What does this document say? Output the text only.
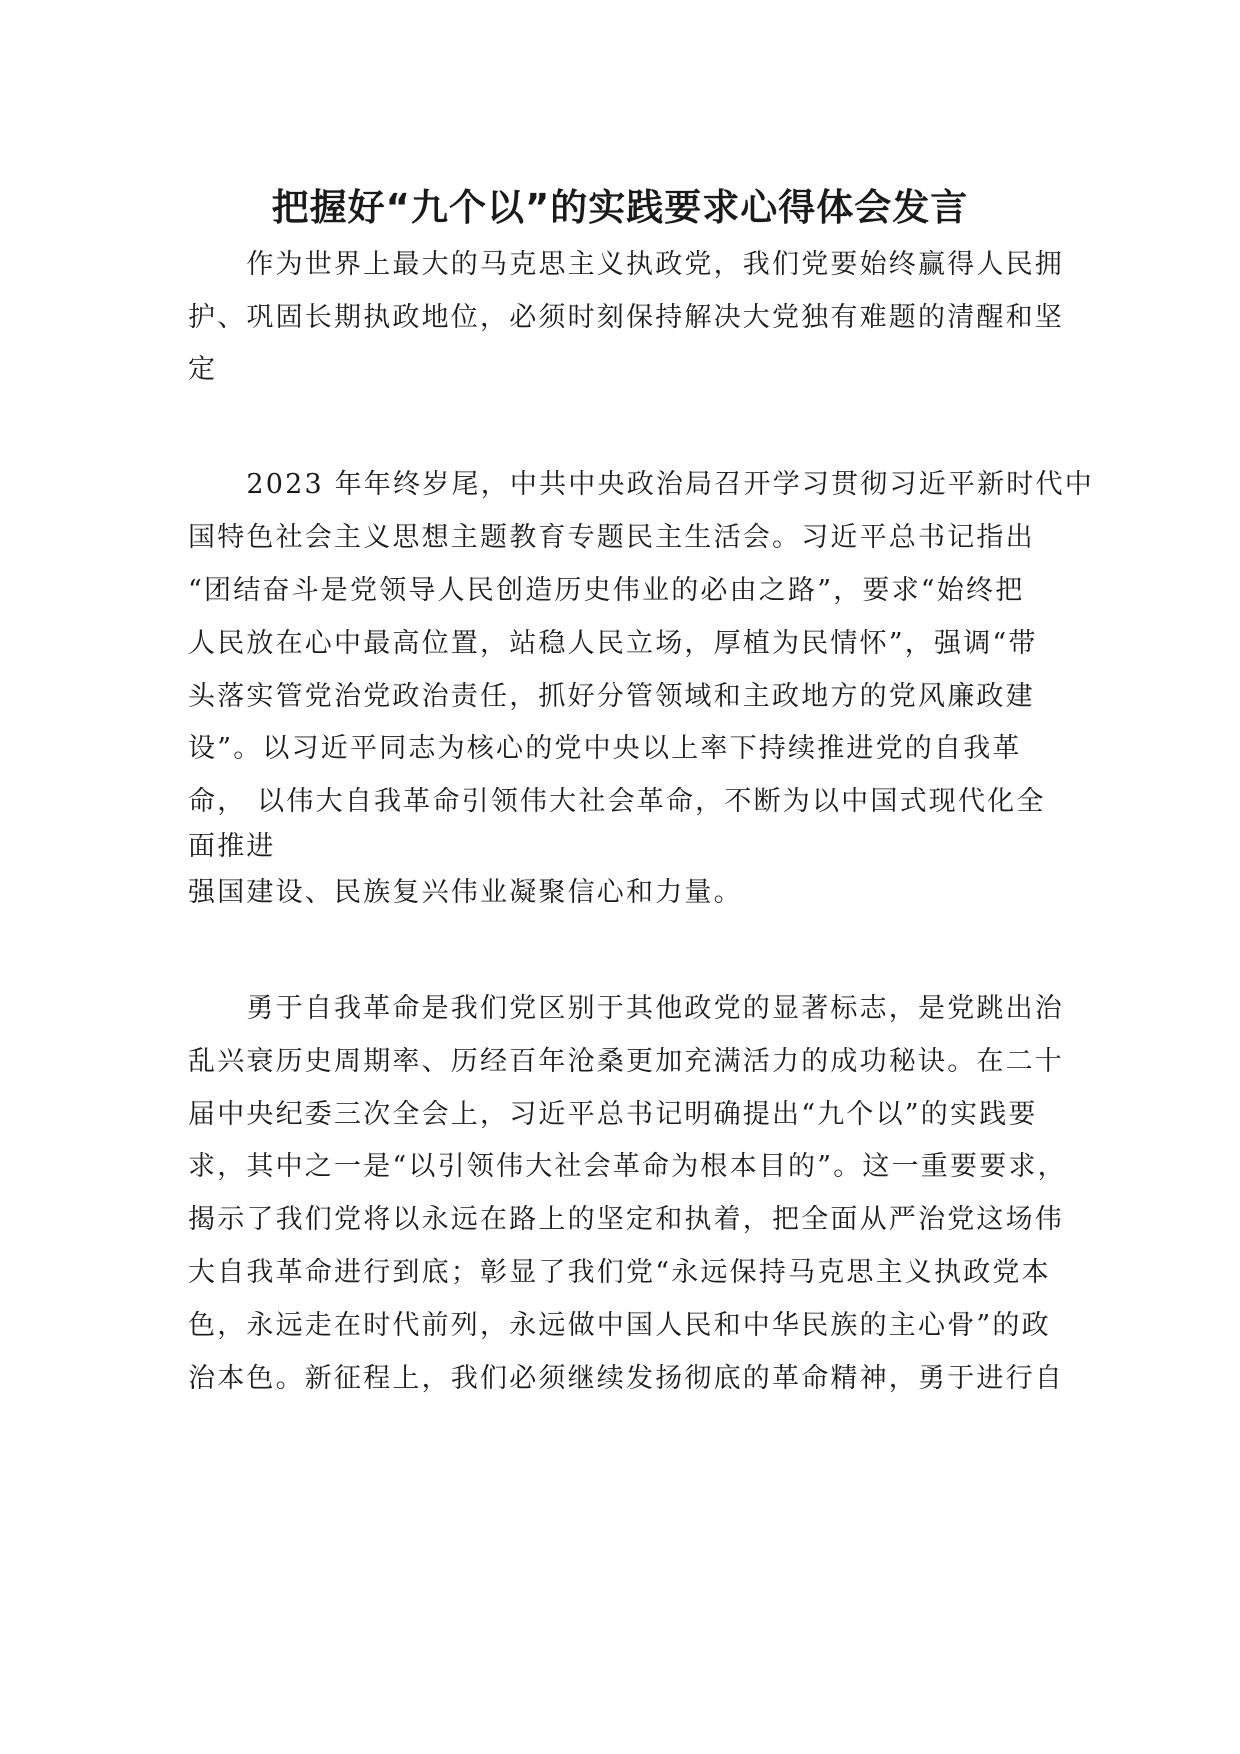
把握好“九个以”的实践要求心得体会发言
　　作为世界上最大的马克思主义执政党，我们党要始终赢得人民拥
护、巩固长期执政地位，必须时刻保持解决大党独有难题的清醒和坚
定
　　2023 年年终岁尾，中共中央政治局召开学习贯彻习近平新时代中
国特色社会主义思想主题教育专题民主生活会。习近平总书记指出
“团结奋斗是党领导人民创造历史伟业的必由之路”，要求“始终把
人民放在心中最高位置，站稳人民立场，厚植为民情怀”，强调“带
头落实管党治党政治责任，抓好分管领域和主政地方的党风廉政建
设”。以习近平同志为核心的党中央以上率下持续推进党的自我革
命， 以伟大自我革命引领伟大社会革命，不断为以中国式现代化全
面推进
强国建设、民族复兴伟业凝聚信心和力量。
　　勇于自我革命是我们党区别于其他政党的显著标志，是党跳出治
乱兴衰历史周期率、历经百年沧桑更加充满活力的成功秘诀。在二十
届中央纪委三次全会上，习近平总书记明确提出“九个以”的实践要
求，其中之一是“以引领伟大社会革命为根本目的”。这一重要要求，
揭示了我们党将以永远在路上的坚定和执着，把全面从严治党这场伟
大自我革命进行到底；彰显了我们党“永远保持马克思主义执政党本
色，永远走在时代前列，永远做中国人民和中华民族的主心骨”的政
治本色。新征程上，我们必须继续发扬彻底的革命精神，勇于进行自
